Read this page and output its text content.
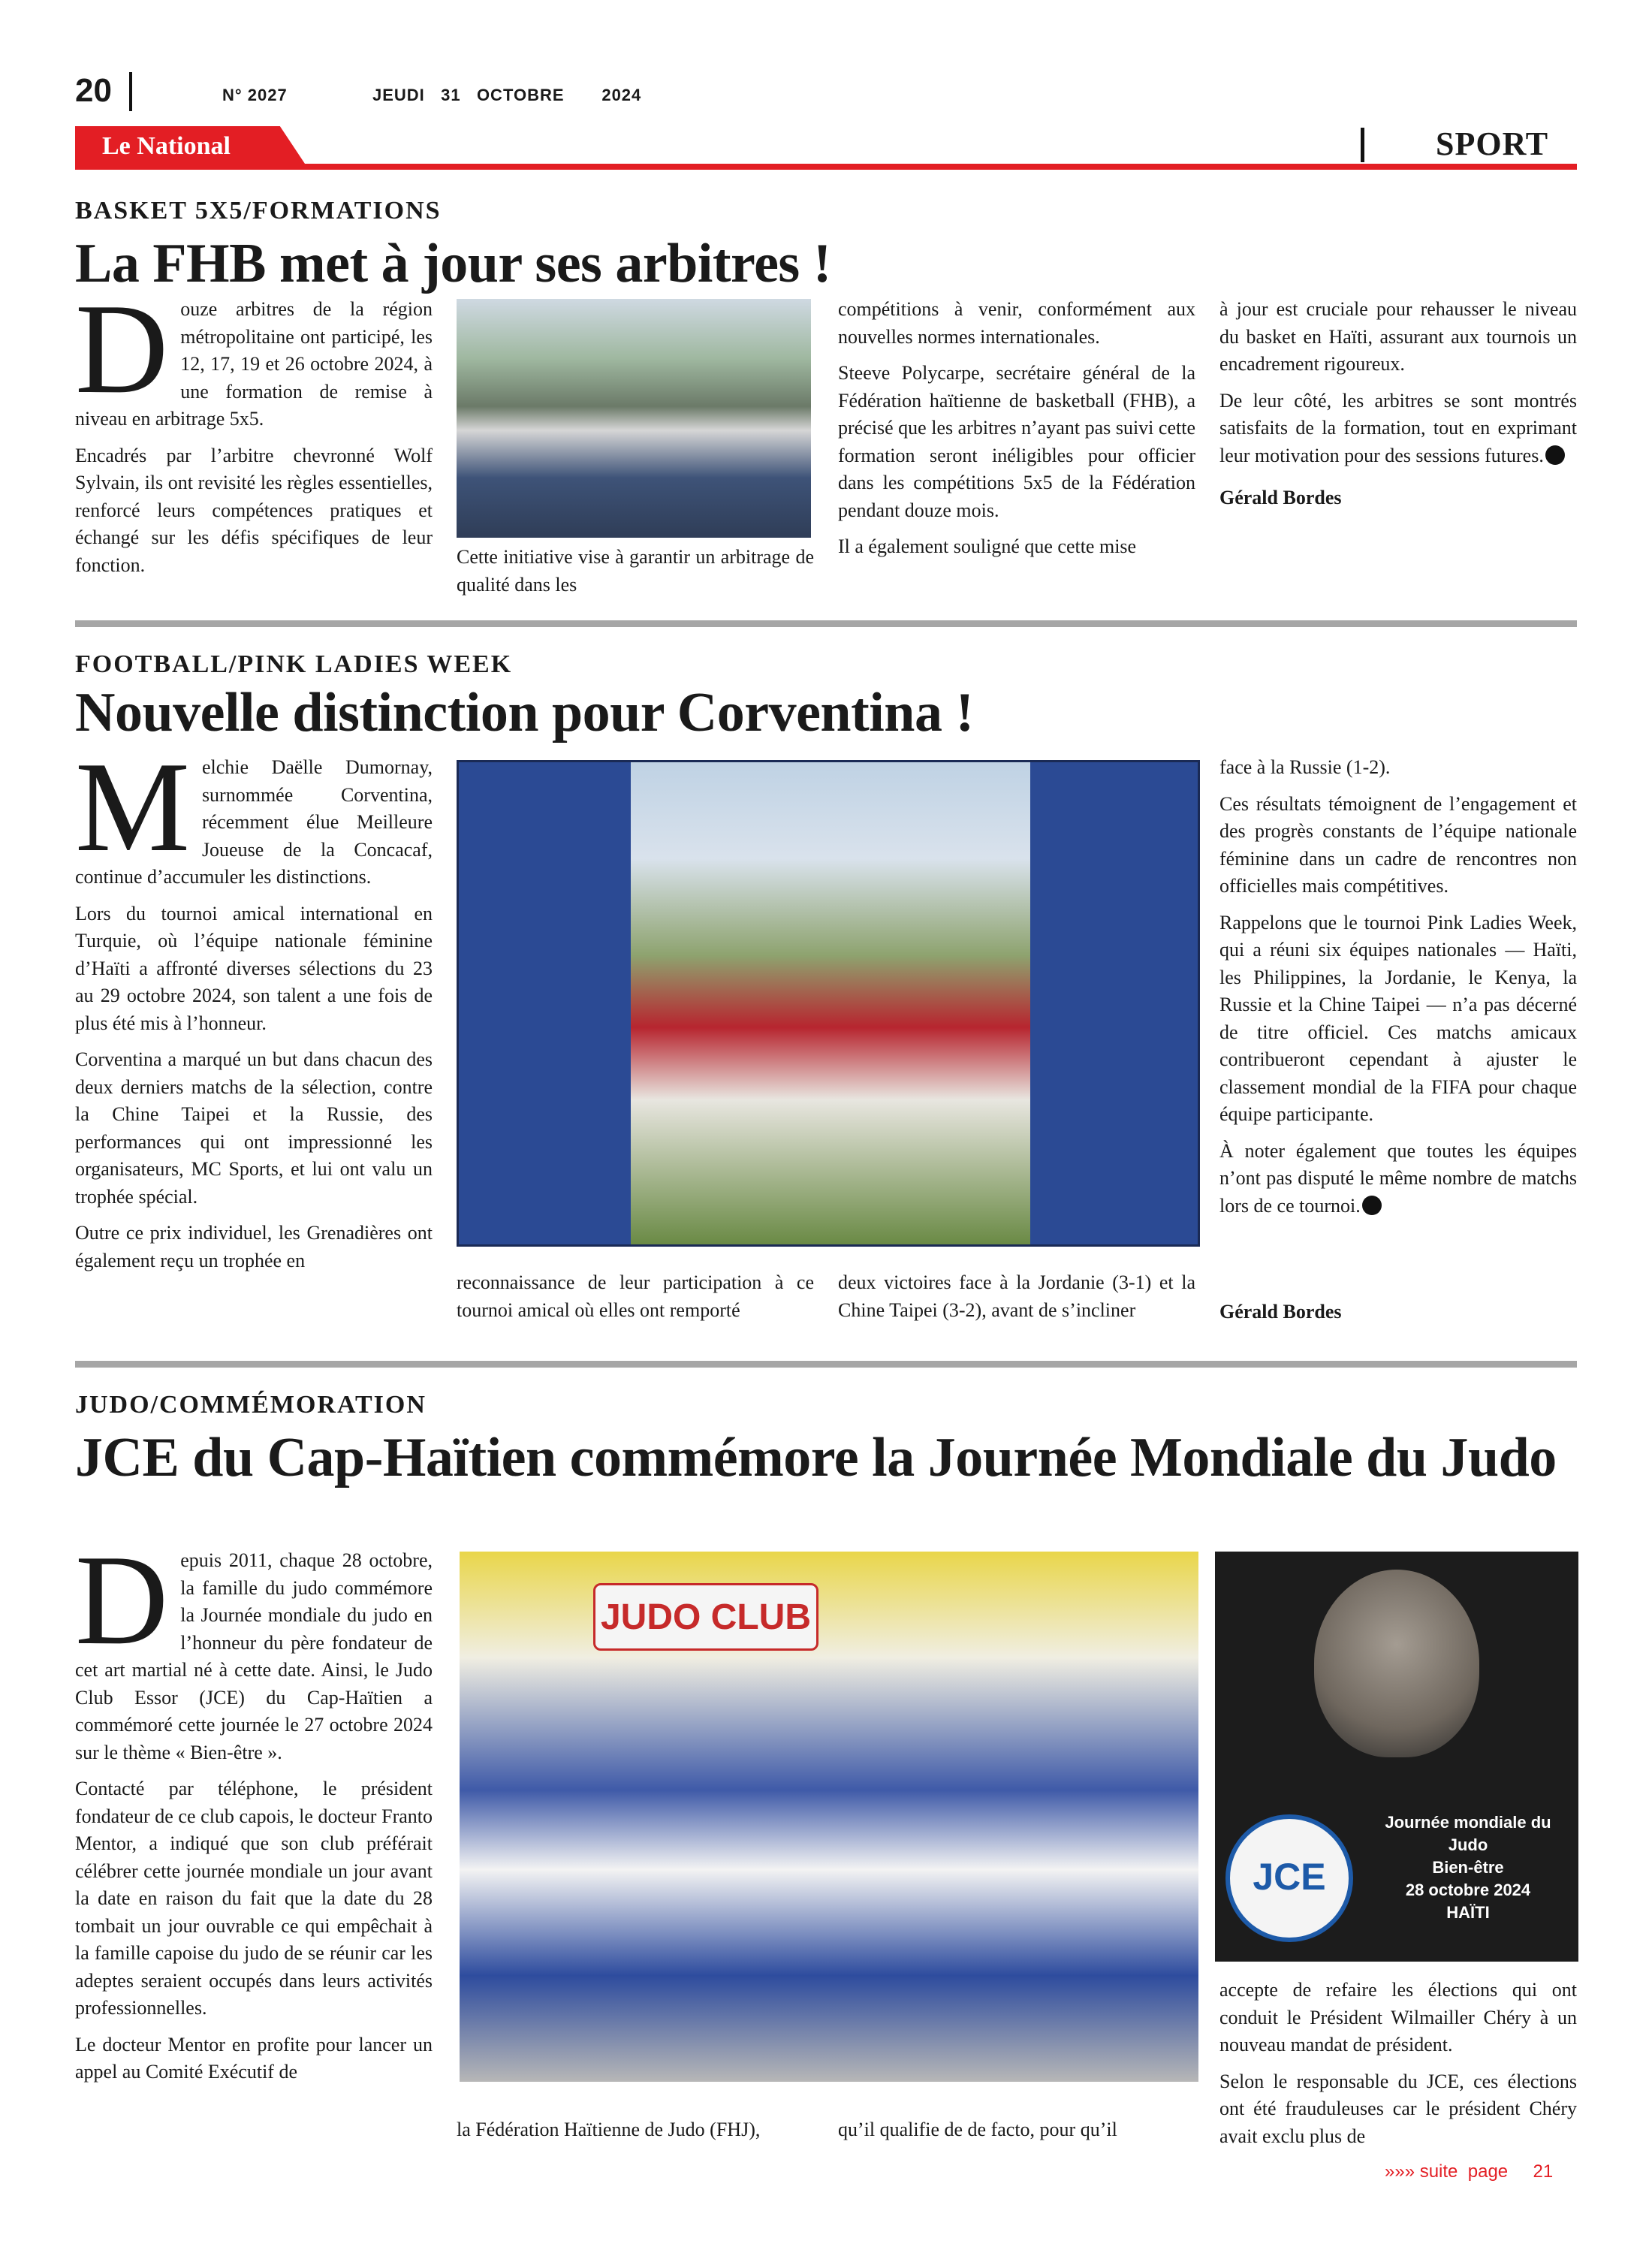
20	N° 2027	JEUDI   31   OCTOBRE       2024
Le National	SPORT
BASKET 5X5/FORMATIONS
La FHB met à jour ses arbitres !

Douze arbitres de la région métropolitaine ont participé, les 12, 17, 19 et 26 octobre 2024, à une formation de remise à niveau en arbitrage 5x5.

Encadrés par l’arbitre chevronné Wolf Sylvain, ils ont revisité les règles essentielles, renforcé leurs compétences pratiques et échangé sur les défis spécifiques de leur fonction.	Cette initiative vise à garantir un arbitrage de qualité dans les

compétitions à venir, conformément aux nouvelles normes internationales.

Steeve Polycarpe, secrétaire général de la Fédération haïtienne de basketball (FHB), a précisé que les arbitres n’ayant pas suivi cette formation seront inéligibles pour officier dans les compétitions 5x5 de la Fédération pendant douze mois.

Il a également souligné que cette mise

à jour est cruciale pour rehausser le niveau du basket en Haïti, assurant aux tournois un encadrement rigoureux.

De leur côté, les arbitres se sont montrés satisfaits de la formation, tout en exprimant leur motivation pour des sessions futures.

Gérald Bordes

FOOTBALL/PINK LADIES WEEK
Nouvelle distinction pour Corventina !

Melchie Daëlle Dumornay, surnommée Corventina, récemment élue Meilleure Joueuse de la Concacaf, continue d’accumuler les distinctions.

Lors du tournoi amical international en Turquie, où l’équipe nationale féminine d’Haïti a affronté diverses sélections du 23 au 29 octobre 2024, son talent a une fois de plus été mis à l’honneur.

Corventina a marqué un but dans chacun des deux derniers matchs de la sélection, contre la Chine Taipei et la Russie, des performances qui ont impressionné les organisateurs, MC Sports, et lui ont valu un trophée spécial.

Outre ce prix individuel, les Grenadières ont également reçu un trophée en

reconnaissance de leur participation à ce tournoi amical où elles ont remporté

deux victoires face à la Jordanie (3-1) et la Chine Taipei (3-2), avant de s’incliner

face à la Russie (1-2).

Ces résultats témoignent de l’engagement et des progrès constants de l’équipe nationale féminine dans un cadre de rencontres non officielles mais compétitives.

Rappelons que le tournoi Pink Ladies Week, qui a réuni six équipes nationales — Haïti, les Philippines, la Jordanie, le Kenya, la Russie et la Chine Taipei — n’a pas décerné de titre officiel. Ces matchs amicaux contribueront cependant à ajuster le classement mondial de la FIFA pour chaque équipe participante.

À noter également que toutes les équipes n’ont pas disputé le même nombre de matchs lors de ce tournoi.

Gérald Bordes
JUDO/COMMÉMORATION
JCE du Cap-Haïtien commémore la Journée Mondiale du Judo

Depuis 2011, chaque 28 octobre, la famille du judo commémore la Journée mondiale du judo en l’honneur du père fondateur de cet art martial né à cette date. Ainsi, le Judo Club Essor (JCE) du Cap-Haïtien a commémoré cette journée le 27 octobre 2024 sur le thème « Bien-être ».

Contacté par téléphone, le président fondateur de ce club capois, le docteur Franto Mentor, a indiqué que son club préférait célébrer cette journée mondiale un jour avant la date en raison du fait que la date du 28 tombait un jour ouvrable ce qui empêchait à la famille capoise du judo de se réunir car les adeptes seraient occupés dans leurs activités professionnelles.

Le docteur Mentor en profite pour lancer un appel au Comité Exécutif de

JUDO CLUB
JCE
Journée mondiale du
Judo
Bien-être
28 octobre 2024
HAÏTI

la Fédération Haïtienne de Judo (FHJ),	qu’il qualifie de de facto, pour qu’il

accepte de refaire les élections qui ont conduit le Président Wilmailler Chéry à un nouveau mandat de président.

Selon le responsable du JCE, ces élections ont été frauduleuses car le président Chéry avait exclu plus de

»»» suite  page     21
